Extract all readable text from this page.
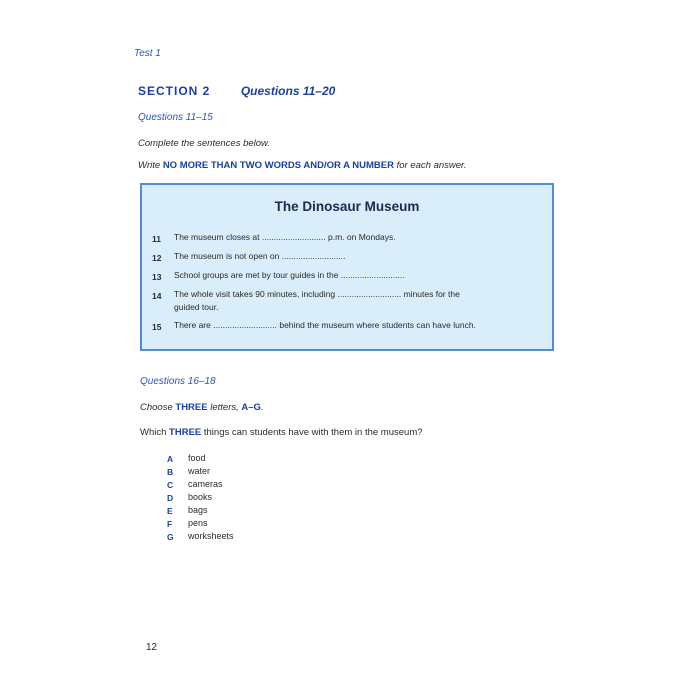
Test 1
SECTION 2	Questions 11–20
Questions 11–15
Complete the sentences below.
Write NO MORE THAN TWO WORDS AND/OR A NUMBER for each answer.
The Dinosaur Museum
11 The museum closes at ........................... p.m. on Mondays.
12 The museum is not open on ...........................
13 School groups are met by tour guides in the ...........................
14 The whole visit takes 90 minutes, including ........................... minutes for the
guided tour.
15 There are ........................... behind the museum where students can have lunch.
Questions 16–18
Choose THREE letters, A–G.
Which THREE things can students have with them in the museum?
A food
B water
C cameras
D books
E bags
F pens
G worksheets
12
